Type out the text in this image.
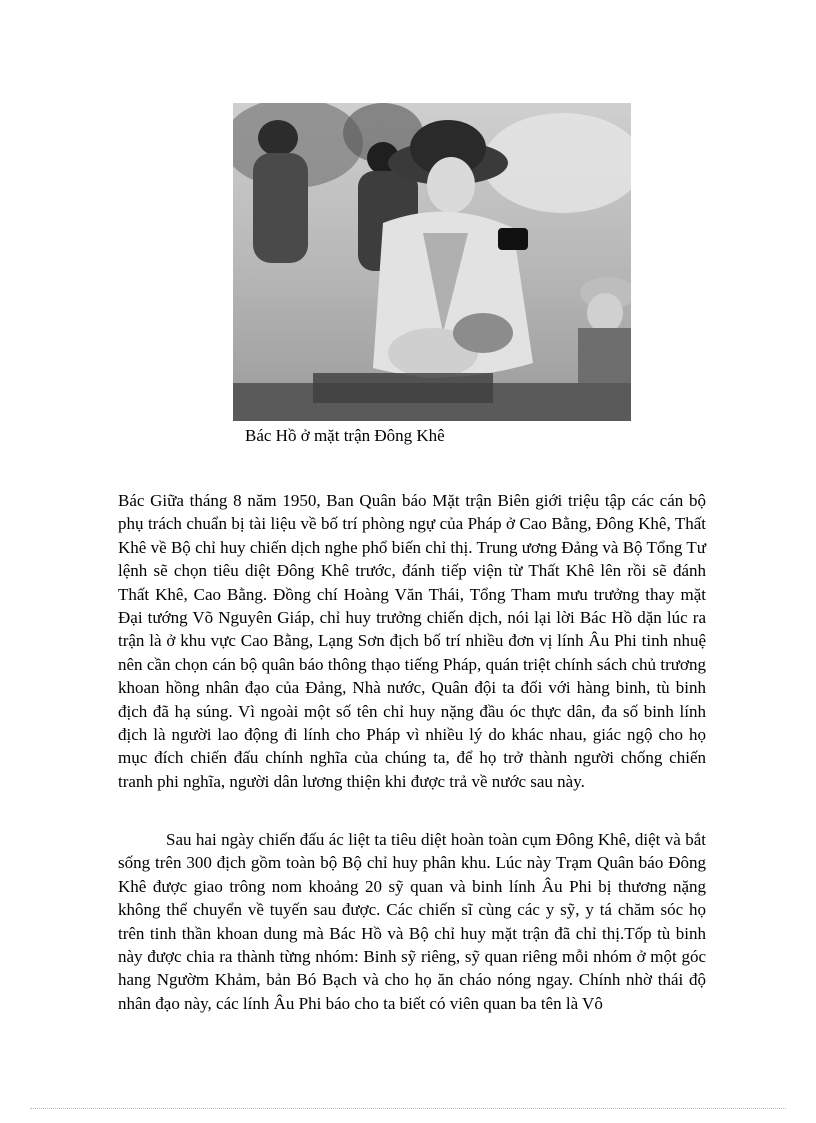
Bác Hồ ở mặt trận Đông Khê

Bác Giữa tháng 8 năm 1950, Ban Quân báo Mặt trận Biên giới triệu tập các cán bộ phụ trách chuẩn bị tài liệu về bố trí phòng ngự của Pháp ở Cao Bằng, Đông Khê, Thất Khê về Bộ chỉ huy chiến dịch nghe phổ biến chỉ thị. Trung ương Đảng và Bộ Tổng Tư lệnh sẽ chọn tiêu diệt Đông Khê trước, đánh tiếp viện từ Thất Khê lên rồi sẽ đánh Thất Khê, Cao Bằng. Đồng chí Hoàng Văn Thái, Tổng Tham mưu trưởng thay mặt Đại tướng Võ Nguyên Giáp, chỉ huy trưởng chiến dịch, nói lại lời Bác Hồ dặn lúc ra trận là ở khu vực Cao Bằng, Lạng Sơn địch bố trí nhiều đơn vị lính Âu Phi tinh nhuệ nên cần chọn cán bộ quân báo thông thạo tiếng Pháp, quán triệt chính sách chủ trương khoan hồng nhân đạo của Đảng, Nhà nước, Quân đội ta đối với hàng binh, tù binh địch đã hạ súng. Vì ngoài một số tên chỉ huy nặng đầu óc thực dân, đa số binh lính địch là người lao động đi lính cho Pháp vì nhiều lý do khác nhau, giác ngộ cho họ mục đích chiến đấu chính nghĩa của chúng ta, để họ trở thành người chống chiến tranh phi nghĩa, người dân lương thiện khi được trả về nước sau này.

Sau hai ngày chiến đấu ác liệt ta tiêu diệt hoàn toàn cụm Đông Khê, diệt và bắt sống trên 300 địch gồm toàn bộ Bộ chỉ huy phân khu. Lúc này Trạm Quân báo Đông Khê được giao trông nom khoảng 20 sỹ quan và binh lính Âu Phi bị thương nặng không thể chuyển về tuyến sau được. Các chiến sĩ cùng các y sỹ, y tá chăm sóc họ trên tinh thần khoan dung mà Bác Hồ và Bộ chỉ huy mặt trận đã chỉ thị.Tốp tù binh này được chia ra thành từng nhóm: Binh sỹ riêng, sỹ quan riêng mỗi nhóm ở một góc hang Ngườm Khảm, bản Bó Bạch và cho họ ăn cháo nóng ngay. Chính nhờ thái độ nhân đạo này, các lính Âu Phi báo cho ta biết có viên quan ba tên là Vô
